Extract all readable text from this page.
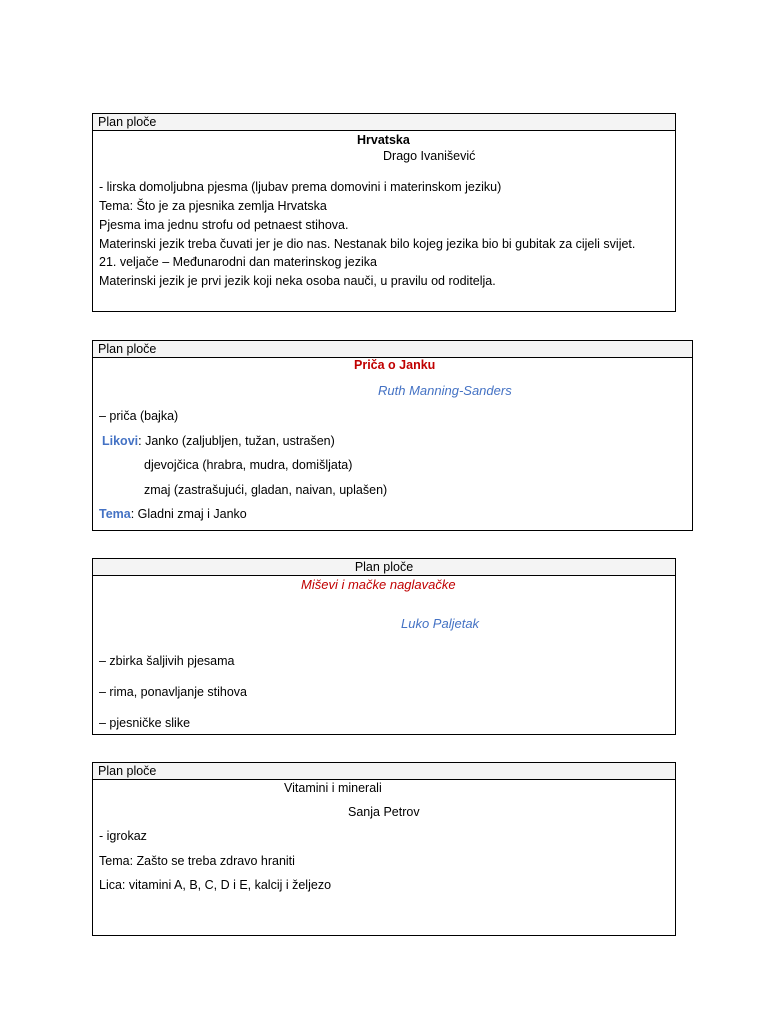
Plan ploče
Hrvatska
Drago Ivanišević
- lirska domoljubna pjesma (ljubav prema domovini i materinskom jeziku)
Tema: Što je za pjesnika zemlja Hrvatska
Pjesma ima jednu strofu od petnaest stihova.
Materinski jezik treba čuvati jer je dio nas. Nestanak bilo kojeg jezika bio bi gubitak za cijeli svijet.
21. veljače – Međunarodni dan materinskog jezika
Materinski jezik je prvi jezik koji neka osoba nauči, u pravilu od roditelja.
Plan ploče
Priča o Janku
Ruth Manning-Sanders
– priča (bajka)
Likovi: Janko (zaljubljen, tužan, ustrašen)
djevojčica (hrabra, mudra, domišljata)
zmaj (zastrašujući, gladan, naivan, uplašen)
Tema: Gladni zmaj i Janko
Plan ploče
Miševi i mačke naglavačke
Luko Paljetak
– zbirka šaljivih pjesama
– rima, ponavljanje stihova
– pjesničke slike
Plan ploče
Vitamini i minerali
Sanja Petrov
- igrokaz
Tema: Zašto se treba zdravo hraniti
Lica: vitamini A, B, C, D i E, kalcij i željezo
